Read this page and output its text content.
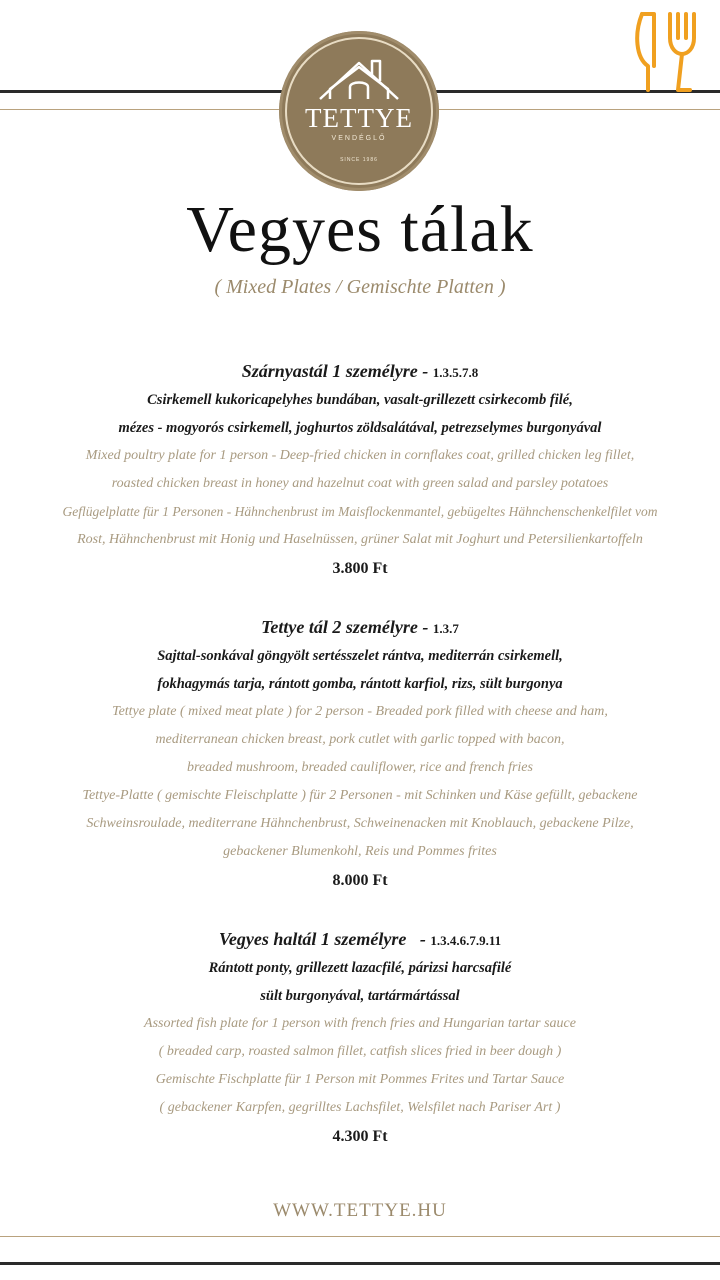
TETTYE
VENDÉGLŐ
SINCE 1986
Vegyes tálak
( Mixed Plates / Gemischte Platten )
Szárnyastál 1 személyre - 1.3.5.7.8
Csirkemell kukoricapelyhes bundában, vasalt-grillezett csirkecomb filé,
mézes - mogyorós csirkemell, joghurtos zöldsalátával, petrezselymes burgonyával
Mixed poultry plate for 1 person - Deep-fried chicken in cornflakes coat, grilled chicken leg fillet,
roasted chicken breast in honey and hazelnut coat with green salad and parsley potatoes
Geflügelplatte für 1 Personen - Hähnchenbrust im Maisflockenmantel, gebügeltes Hähnchenschenkelfilet vom
Rost, Hähnchenbrust mit Honig und Haselnüssen, grüner Salat mit Joghurt und Petersilienkartoffeln
3.800 Ft
Tettye tál 2 személyre - 1.3.7
Sajttal-sonkával göngyölt sertésszelet rántva, mediterrán csirkemell,
fokhagymás tarja, rántott gomba, rántott karfiol, rizs, sült burgonya
Tettye plate ( mixed meat plate ) for 2 person - Breaded pork filled with cheese and ham,
mediterranean chicken breast, pork cutlet with garlic topped with bacon,
breaded mushroom, breaded cauliflower, rice and french fries
Tettye-Platte ( gemischte Fleischplatte ) für 2 Personen - mit Schinken und Käse gefüllt, gebackene
Schweinsroulade, mediterrane Hähnchenbrust, Schweinenacken mit Knoblauch, gebackene Pilze,
gebackener Blumenkohl, Reis und Pommes frites
8.000 Ft
Vegyes haltál 1 személyre   - 1.3.4.6.7.9.11
Rántott ponty, grillezett lazacfilé, párizsi harcsafilé
sült burgonyával, tartármártással
Assorted fish plate for 1 person with french fries and Hungarian tartar sauce
( breaded carp, roasted salmon fillet, catfish slices fried in beer dough )
Gemischte Fischplatte für 1 Person mit Pommes Frites und Tartar Sauce
( gebackener Karpfen, gegrilltes Lachsfilet, Welsfilet nach Pariser Art )
4.300 Ft
WWW.TETTYE.HU
